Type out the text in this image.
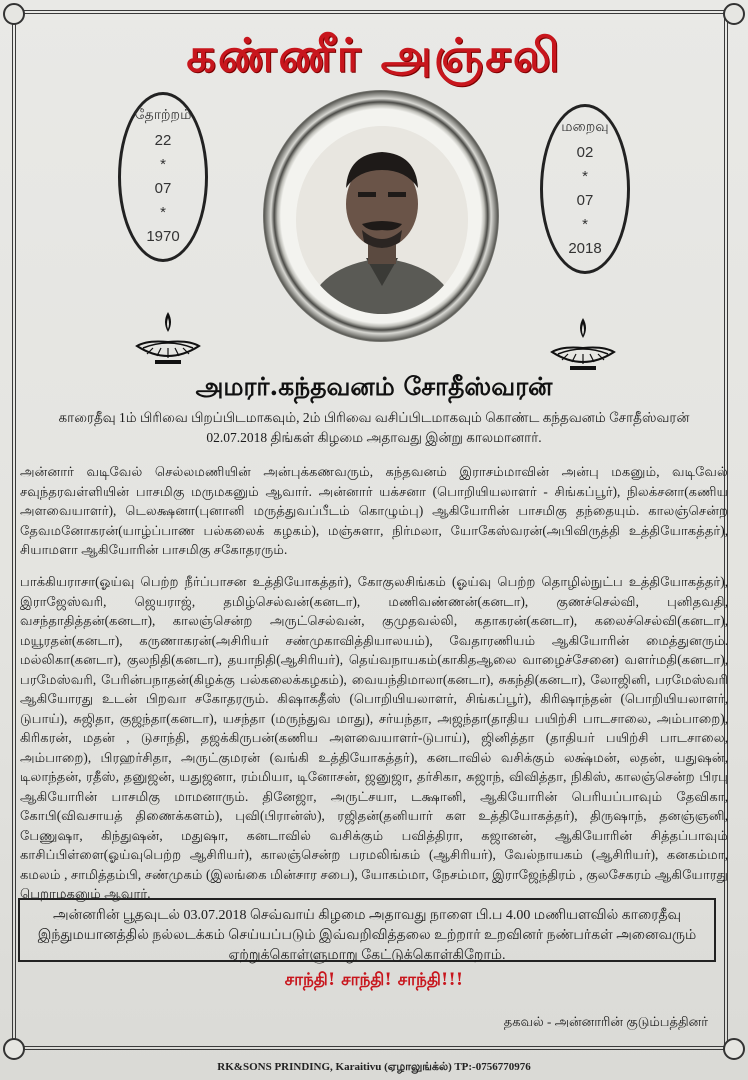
கண்ணீர் அஞ்சலி
தோற்றம்
22
*
07
*
1970
மறைவு
02
*
07
*
2018
அமரர்.கந்தவனம் சோதீஸ்வரன்

காரைதீவு 1ம் பிரிவை பிறப்பிடமாகவும், 2ம் பிரிவை வசிப்பிடமாகவும் கொண்ட கந்தவனம் சோதீஸ்வரன் 02.07.2018 திங்கள் கிழமை அதாவது இன்று காலமானார்.

அன்னார் வடிவேல் செல்லமணியின் அன்புக்கணவரும், கந்தவனம் இராசம்மாவின் அன்பு மகனும், வடிவேல் சவுந்தரவள்ளியின் பாசமிகு மருமகனும் ஆவார். அன்னார் யக்சனா (பொறியியலாளர் - சிங்கப்பூர்), நிலக்சனா(கணிய அளவையாளர்), டெலக்ஷனா(புனானி மருத்துவப்பீடம் கொழும்பு) ஆகியோரின் பாசமிகு தந்தையும். காலஞ்சென்ற தேவமனோகரன்(யாழ்ப்பாண பல்கலைக் கழகம்), மஞ்சுளா, நிர்மலா, யோகேஸ்வரன்(அபிவிருத்தி உத்தியோகத்தர்), சியாமளா ஆகியோரின் பாசமிகு சகோதரரும்.

பாக்கியராசா(ஓய்வு பெற்ற நீர்ப்பாசன உத்தியோகத்தர்), கோகுலசிங்கம் (ஓய்வு பெற்ற தொழில்நுட்ப உத்தியோகத்தர்), இராஜேஸ்வரி, ஜெயராஜ், தமிழ்செல்வன்(கனடா), மணிவண்ணன்(கனடா), குணச்செல்வி, புனிதவதி, வசந்தாதித்தன்(கனடா), காலஞ்சென்ற அருட்செல்வன், குமுதவல்லி, கதாகரன்(கனடா), கலைச்செல்வி(கனடா), மயூரதன்(கனடா), கருணாகரன்(அசிரியர் சண்முகாவித்தியாலயம்), வேதாரணியம் ஆகியோரின் மைத்துனரும். மல்லிகா(கனடா), குலநிதி(கனடா), தயாநிதி(ஆசிரியர்), தெய்வநாயகம்(காகிதஆலை வாழைச்சேனை) வளர்மதி(கனடா), பரமேஸ்வரி, பேரின்பநாதன்(கிழக்கு பல்கலைக்கழகம்), வையந்திமாலா(கனடா), சுகந்தி(கனடா), லோஜினி, பரமேஸ்வரி ஆகியோரது உடன் பிறவா சகோதரரும். கிஷாகதீஸ் (பொறியியலாளர், சிங்கப்பூர்), கிரிஷாந்தன் (பொறியியலாளர், டுபாய்), சுஜிதா, குஜந்தா(கனடா), யசந்தா (மருந்துவ மாது), சர்யந்தா, அஜந்தா(தாதிய பயிற்சி பாடசாலை, அம்பாறை), கிரிகரன், மதன் , டுசாந்தி, தஜக்கிருபன்(கணிய அளவையாளர்-டுபாய்), ஜினித்தா (தாதியர் பயிற்சி பாடசாலை, அம்பாறை), பிரஹர்சிதா, அருட்குமரன் (வங்கி உத்தியோகத்தர்), கனடாவில் வசிக்கும் லக்ஷ்மன், லதன், யதுஷன், டிலாந்தன், ரதீஸ், தனுஜன், யதுஜனா, ரம்மியா, டினோசன், ஜனுஜா, தர்சிகா, சுஜாந், விவித்தா, நிகிஸ், காலஞ்சென்ற பிரபு ஆகியோரின் பாசமிகு மாமனாரும். தினேஜா, அருட்சயா, டக்ஷானி, ஆகியோரின் பெரியப்பாவும் தேவிகா, கோபி(விவசாயத் திணைக்களம்), புவி(பிரான்ஸ்), ரஜிதன்(தனியார் கள உத்தியோகத்தர்), திருஷாந், தனஞ்ஞனி, பேணுஷா, கிந்துஷன், மதுஷா, கனடாவில் வசிக்கும் பவித்திரா, கஜானன், ஆகியோரின் சித்தப்பாவும் காசிப்பிள்ளை(ஓய்வுபெற்ற ஆசிரியர்), காலஞ்சென்ற பரமலிங்கம் (ஆசிரியர்), வேல்நாயகம் (ஆசிரியர்), கனகம்மா, கமலம் , சாமித்தம்பி, சண்முகம் (இலங்கை மின்சார சபை), யோகம்மா, நேசம்மா, இராஜேந்திரம் , குலசேகரம் ஆகியோரது பெறாமகனும் ஆவார்.

அன்னரின் பூதவுடல் 03.07.2018 செவ்வாய் கிழமை அதாவது நாளை பி.ப 4.00 மணியளவில் காரைதீவு இந்துமயானத்தில் நல்லடக்கம் செய்யப்படும் இவ்வறிவித்தலை உற்றார் உறவினர் நண்பர்கள் அனைவரும் ஏற்றுக்கொள்ளுமாறு கேட்டுக்கொள்கிறோம்.
சாந்தி! சாந்தி! சாந்தி!!!
தகவல் - அன்னாரின் குடும்பத்தினர்
RK&SONS PRINDING, Karaitivu (ஏழாலுங்க்ல்) TP:-0756770976
